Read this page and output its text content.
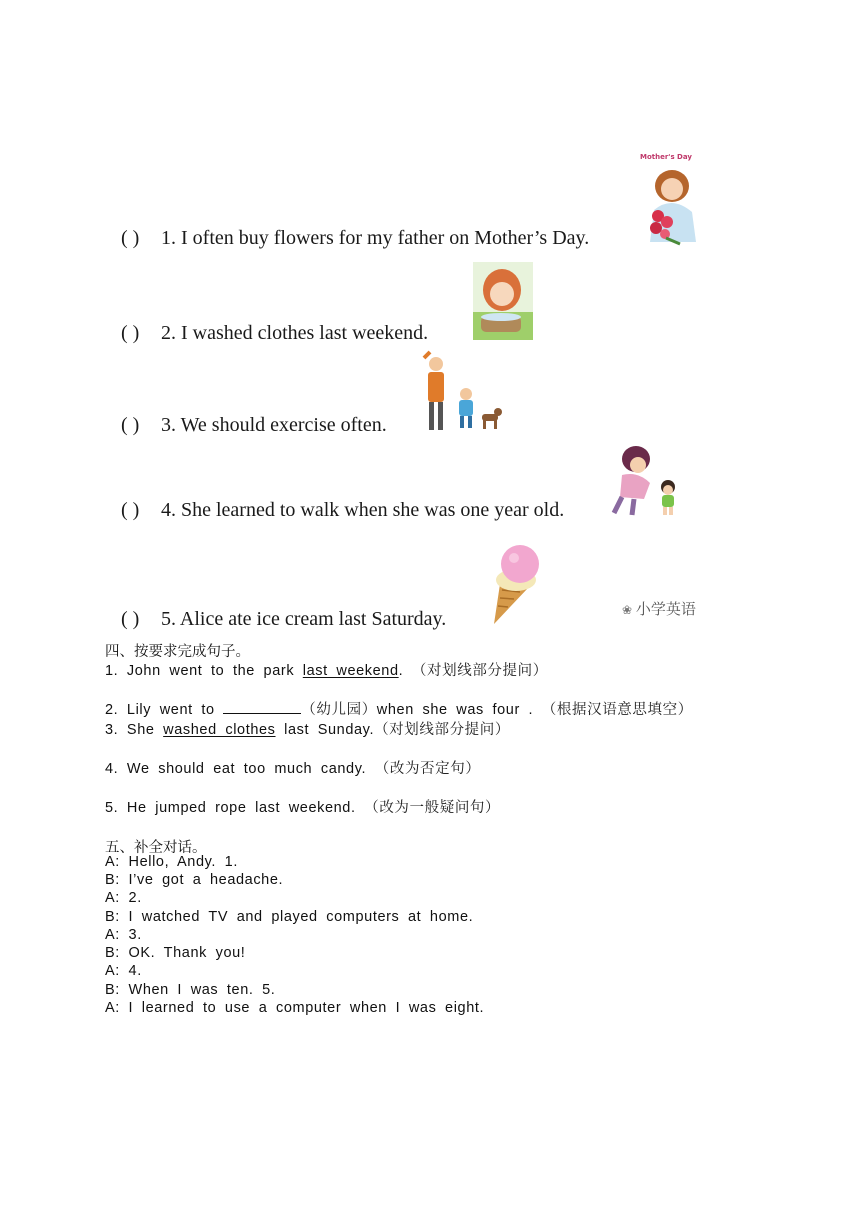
( ) 1. I often buy flowers for my father on Mother’s Day.
( ) 2. I washed clothes last weekend.
( ) 3. We should exercise often.
( ) 4. She learned to walk when she was one year old.
( ) 5. Alice ate ice cream last Saturday.
Mother's Day
❀ 小学英语
四、按要求完成句子。
1. John went to the park last weekend. （对划线部分提问）
2. Lily went to	（幼儿园）when she was four . （根据汉语意思填空）
3. She washed clothes last Sunday.（对划线部分提问）
4. We should eat too much candy. （改为否定句）
5. He jumped rope last weekend. （改为一般疑问句）
五、补全对话。
A: Hello, Andy. 1.
B: I’ve got a headache.
A: 2.
B: I watched TV and played computers at home.
A: 3.
B: OK. Thank you!
A: 4.
B: When I was ten. 5.
A: I learned to use a computer when I was eight.
